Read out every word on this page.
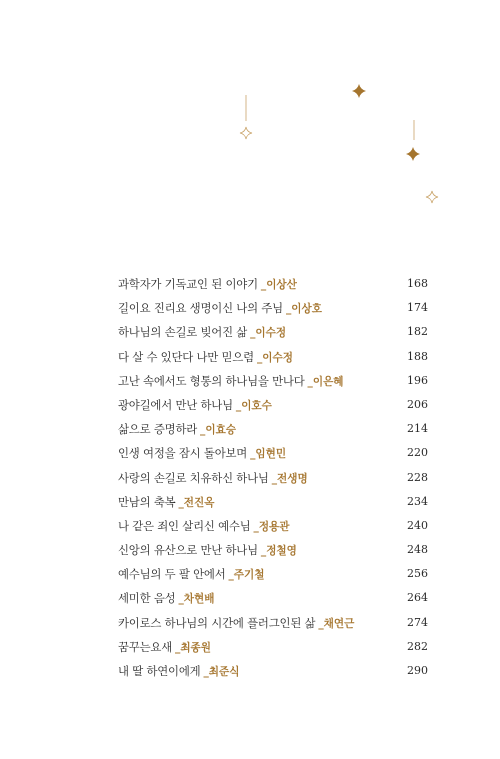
과학자가 기독교인 된 이야기 _이상산	168
길이요 진리요 생명이신 나의 주님 _이상호	174
하나님의 손길로 빚어진 삶 _이수정	182
다 살 수 있단다 나만 믿으렴 _이수정	188
고난 속에서도 형통의 하나님을 만나다 _이은혜	196
광야길에서 만난 하나님 _이호수	206
삶으로 증명하라 _이효승	214
인생 여정을 잠시 돌아보며 _임현민	220
사랑의 손길로 치유하신 하나님 _전생명	228
만남의 축복 _전진옥	234
나 같은 죄인 살리신 예수님 _정용관	240
신앙의 유산으로 만난 하나님 _정철영	248
예수님의 두 팔 안에서 _주기철	256
세미한 음성 _차현배	264
카이로스 하나님의 시간에 플러그인된 삶 _채연근	274
꿈꾸는요새 _최종원	282
내 딸 하연이에게 _최준식	290
